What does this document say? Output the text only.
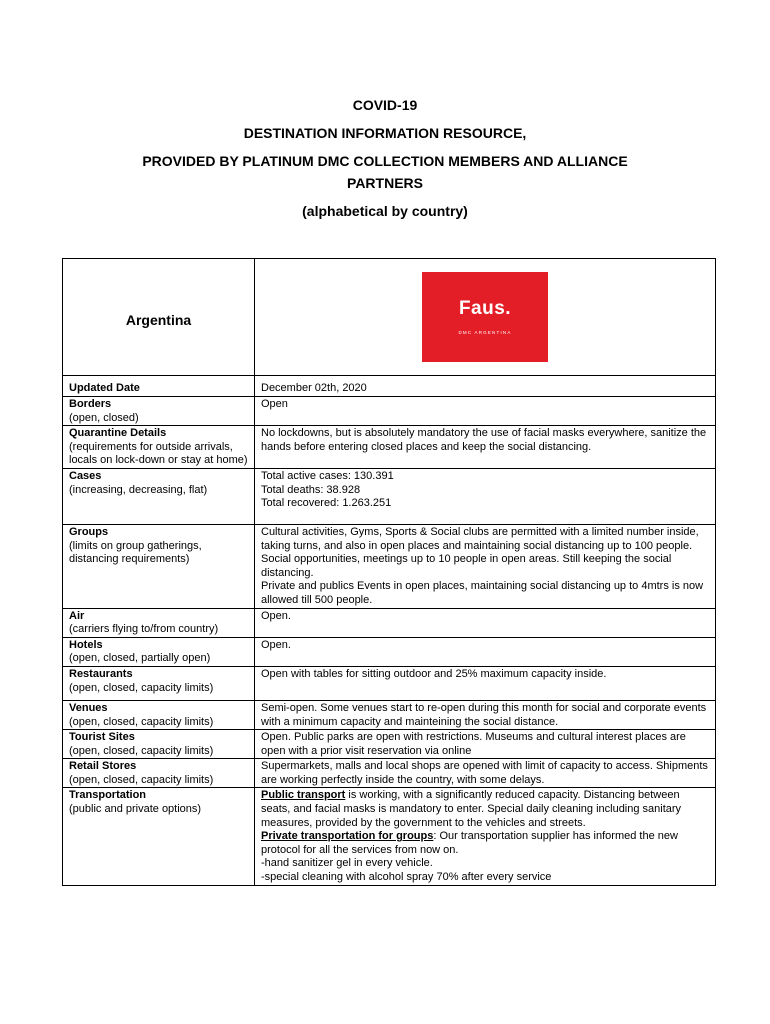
COVID-19
DESTINATION INFORMATION RESOURCE,
PROVIDED BY PLATINUM DMC COLLECTION MEMBERS AND ALLIANCE
PARTNERS
(alphabetical by country)
Argentina	Faus.
DMC ARGENTINA

Updated Date	December 02th, 2020

Borders
(open, closed)	Open

Quarantine Details
(requirements for outside arrivals, locals on lock-down or stay at home)	No lockdowns, but is absolutely mandatory the use of facial masks everywhere, sanitize the hands before entering closed places and keep the social distancing.

Cases
(increasing, decreasing, flat)	Total active cases: 130.391
Total deaths: 38.928
Total recovered: 1.263.251

Groups
(limits on group gatherings, distancing requirements)	Cultural activities, Gyms, Sports & Social clubs are permitted with a limited number inside, taking turns, and also in open places and maintaining social distancing up to 100 people.
Social opportunities, meetings up to 10 people in open areas. Still keeping the social distancing.
Private and publics Events in open places, maintaining social distancing up to 4mtrs is now allowed till 500 people.

Air
(carriers flying to/from country)	Open.

Hotels
(open, closed, partially open)	Open.

Restaurants
(open, closed, capacity limits)	Open with tables for sitting outdoor and 25% maximum capacity inside.

Venues
(open, closed, capacity limits)	Semi-open. Some venues start to re-open during this month for social and corporate events with a minimum capacity and mainteining the social distance.

Tourist Sites
(open, closed, capacity limits)	Open. Public parks are open with restrictions. Museums and cultural interest places are open with a prior visit reservation via online

Retail Stores
(open, closed, capacity limits)	Supermarkets, malls and local shops are opened with limit of capacity to access. Shipments are working perfectly inside the country, with some delays.

Transportation
(public and private options)	Public transport is working, with a significantly reduced capacity. Distancing between seats, and facial masks is mandatory to enter. Special daily cleaning including sanitary measures, provided by the government to the vehicles and streets.
Private transportation for groups: Our transportation supplier has informed the new protocol for all the services from now on.
-hand sanitizer gel in every vehicle.
-special cleaning with alcohol spray 70% after every service
